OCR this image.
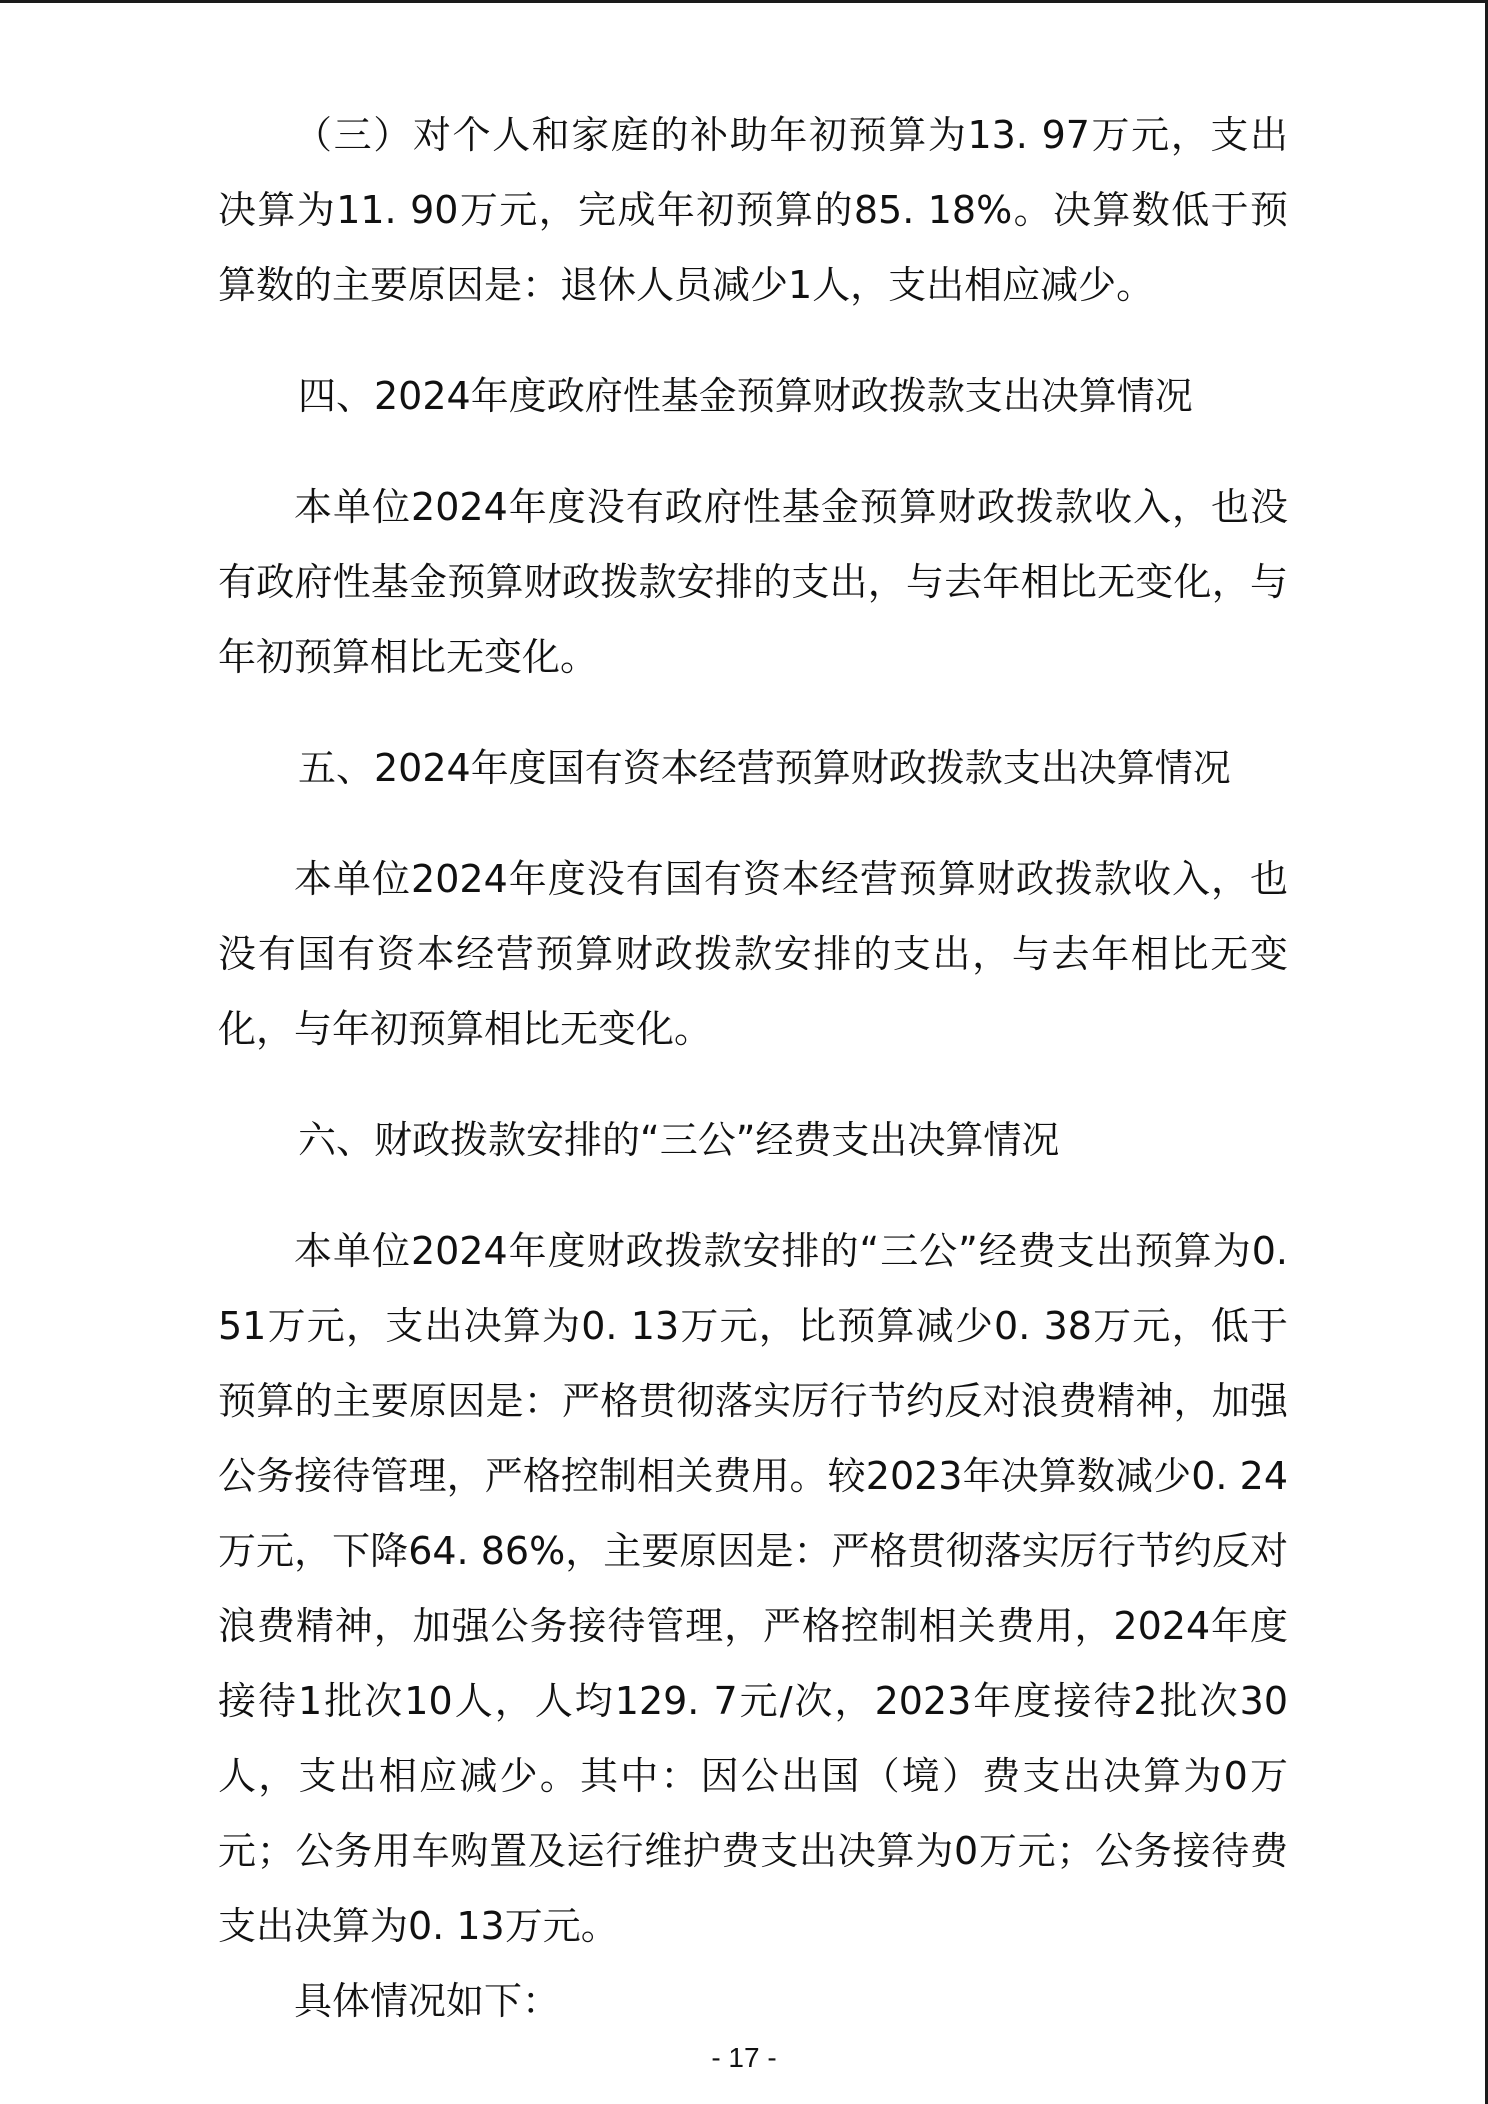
（三）对个人和家庭的补助年初预算为13. 97万元，支出决算为11. 90万元，完成年初预算的85. 18%。决算数低于预算数的主要原因是：退休人员减少1人，支出相应减少。

四、2024年度政府性基金预算财政拨款支出决算情况

本单位2024年度没有政府性基金预算财政拨款收入，也没有政府性基金预算财政拨款安排的支出，与去年相比无变化，与年初预算相比无变化。

五、2024年度国有资本经营预算财政拨款支出决算情况

本单位2024年度没有国有资本经营预算财政拨款收入，也没有国有资本经营预算财政拨款安排的支出，与去年相比无变化，与年初预算相比无变化。

六、财政拨款安排的“三公”经费支出决算情况

本单位2024年度财政拨款安排的“三公”经费支出预算为0. 51万元，支出决算为0. 13万元，比预算减少0. 38万元，低于预算的主要原因是：严格贯彻落实厉行节约反对浪费精神，加强公务接待管理，严格控制相关费用。较2023年决算数减少0. 24万元，下降64. 86%，主要原因是：严格贯彻落实厉行节约反对浪费精神，加强公务接待管理，严格控制相关费用，2024年度接待1批次10人，人均129. 7元/次，2023年度接待2批次30人，支出相应减少。其中：因公出国（境）费支出决算为0万元；公务用车购置及运行维护费支出决算为0万元；公务接待费支出决算为0. 13万元。

具体情况如下：

- 17 -
